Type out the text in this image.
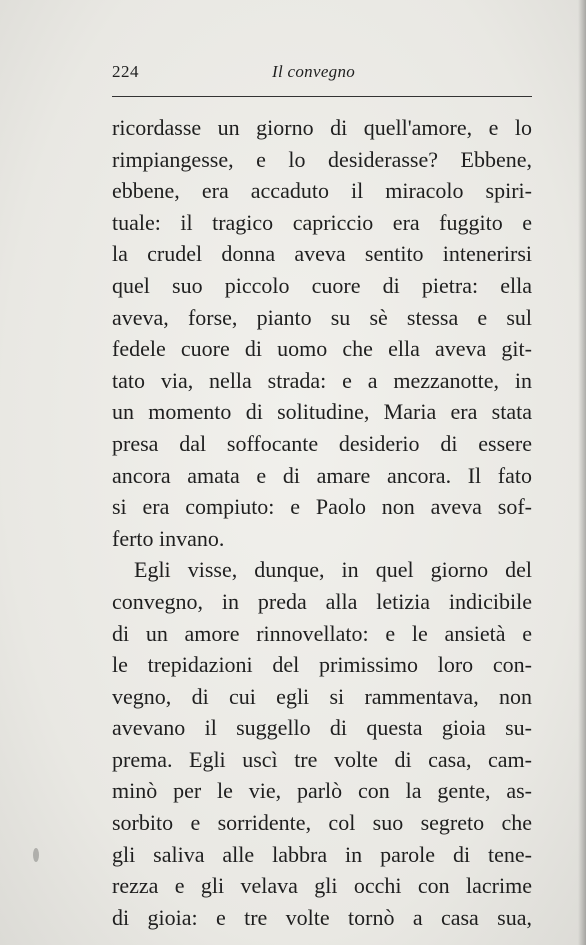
224	Il convegno
ricordasse un giorno di quell'amore, e lo
rimpiangesse, e lo desiderasse? Ebbene,
ebbene, era accaduto il miracolo spiri-
tuale: il tragico capriccio era fuggito e
la crudel donna aveva sentito intenerirsi
quel suo piccolo cuore di pietra: ella
aveva, forse, pianto su sè stessa e sul
fedele cuore di uomo che ella aveva git-
tato via, nella strada: e a mezzanotte, in
un momento di solitudine, Maria era stata
presa dal soffocante desiderio di essere
ancora amata e di amare ancora. Il fato
si era compiuto: e Paolo non aveva sof-
ferto invano.
Egli visse, dunque, in quel giorno del
convegno, in preda alla letizia indicibile
di un amore rinnovellato: e le ansietà e
le trepidazioni del primissimo loro con-
vegno, di cui egli si rammentava, non
avevano il suggello di questa gioia su-
prema. Egli uscì tre volte di casa, cam-
minò per le vie, parlò con la gente, as-
sorbito e sorridente, col suo segreto che
gli saliva alle labbra in parole di tene-
rezza e gli velava gli occhi con lacrime
di gioia: e tre volte tornò a casa sua,
